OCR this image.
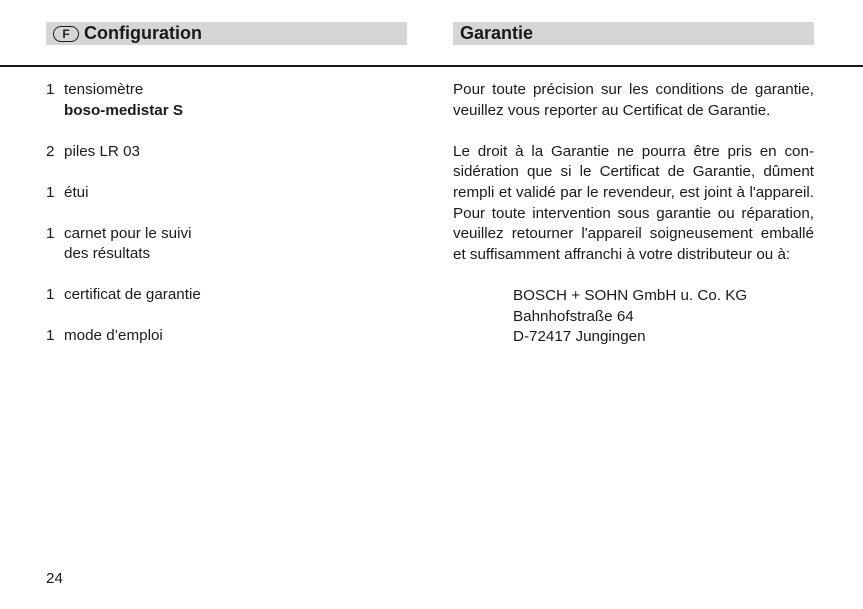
F Configuration	Garantie
1 tensiomètre
boso-medistar S
2 piles LR 03
1 étui
1 carnet pour le suivi
des résultats
1 certificat de garantie
1 mode d’emploi

Pour toute précision sur les conditions de garantie, veuillez vous reporter au Certificat de Garantie.

Le droit à la Garantie ne pourra être pris en considération que si le Certificat de Garantie, dûment rempli et validé par le revendeur, est joint à l'appareil. Pour toute intervention sous garantie ou réparation, veuillez retourner l'appareil soigneusement emballé et suffisamment affranchi à votre distributeur ou à:

BOSCH + SOHN GmbH u. Co. KG
Bahnhofstraße 64
D-72417 Jungingen
24
